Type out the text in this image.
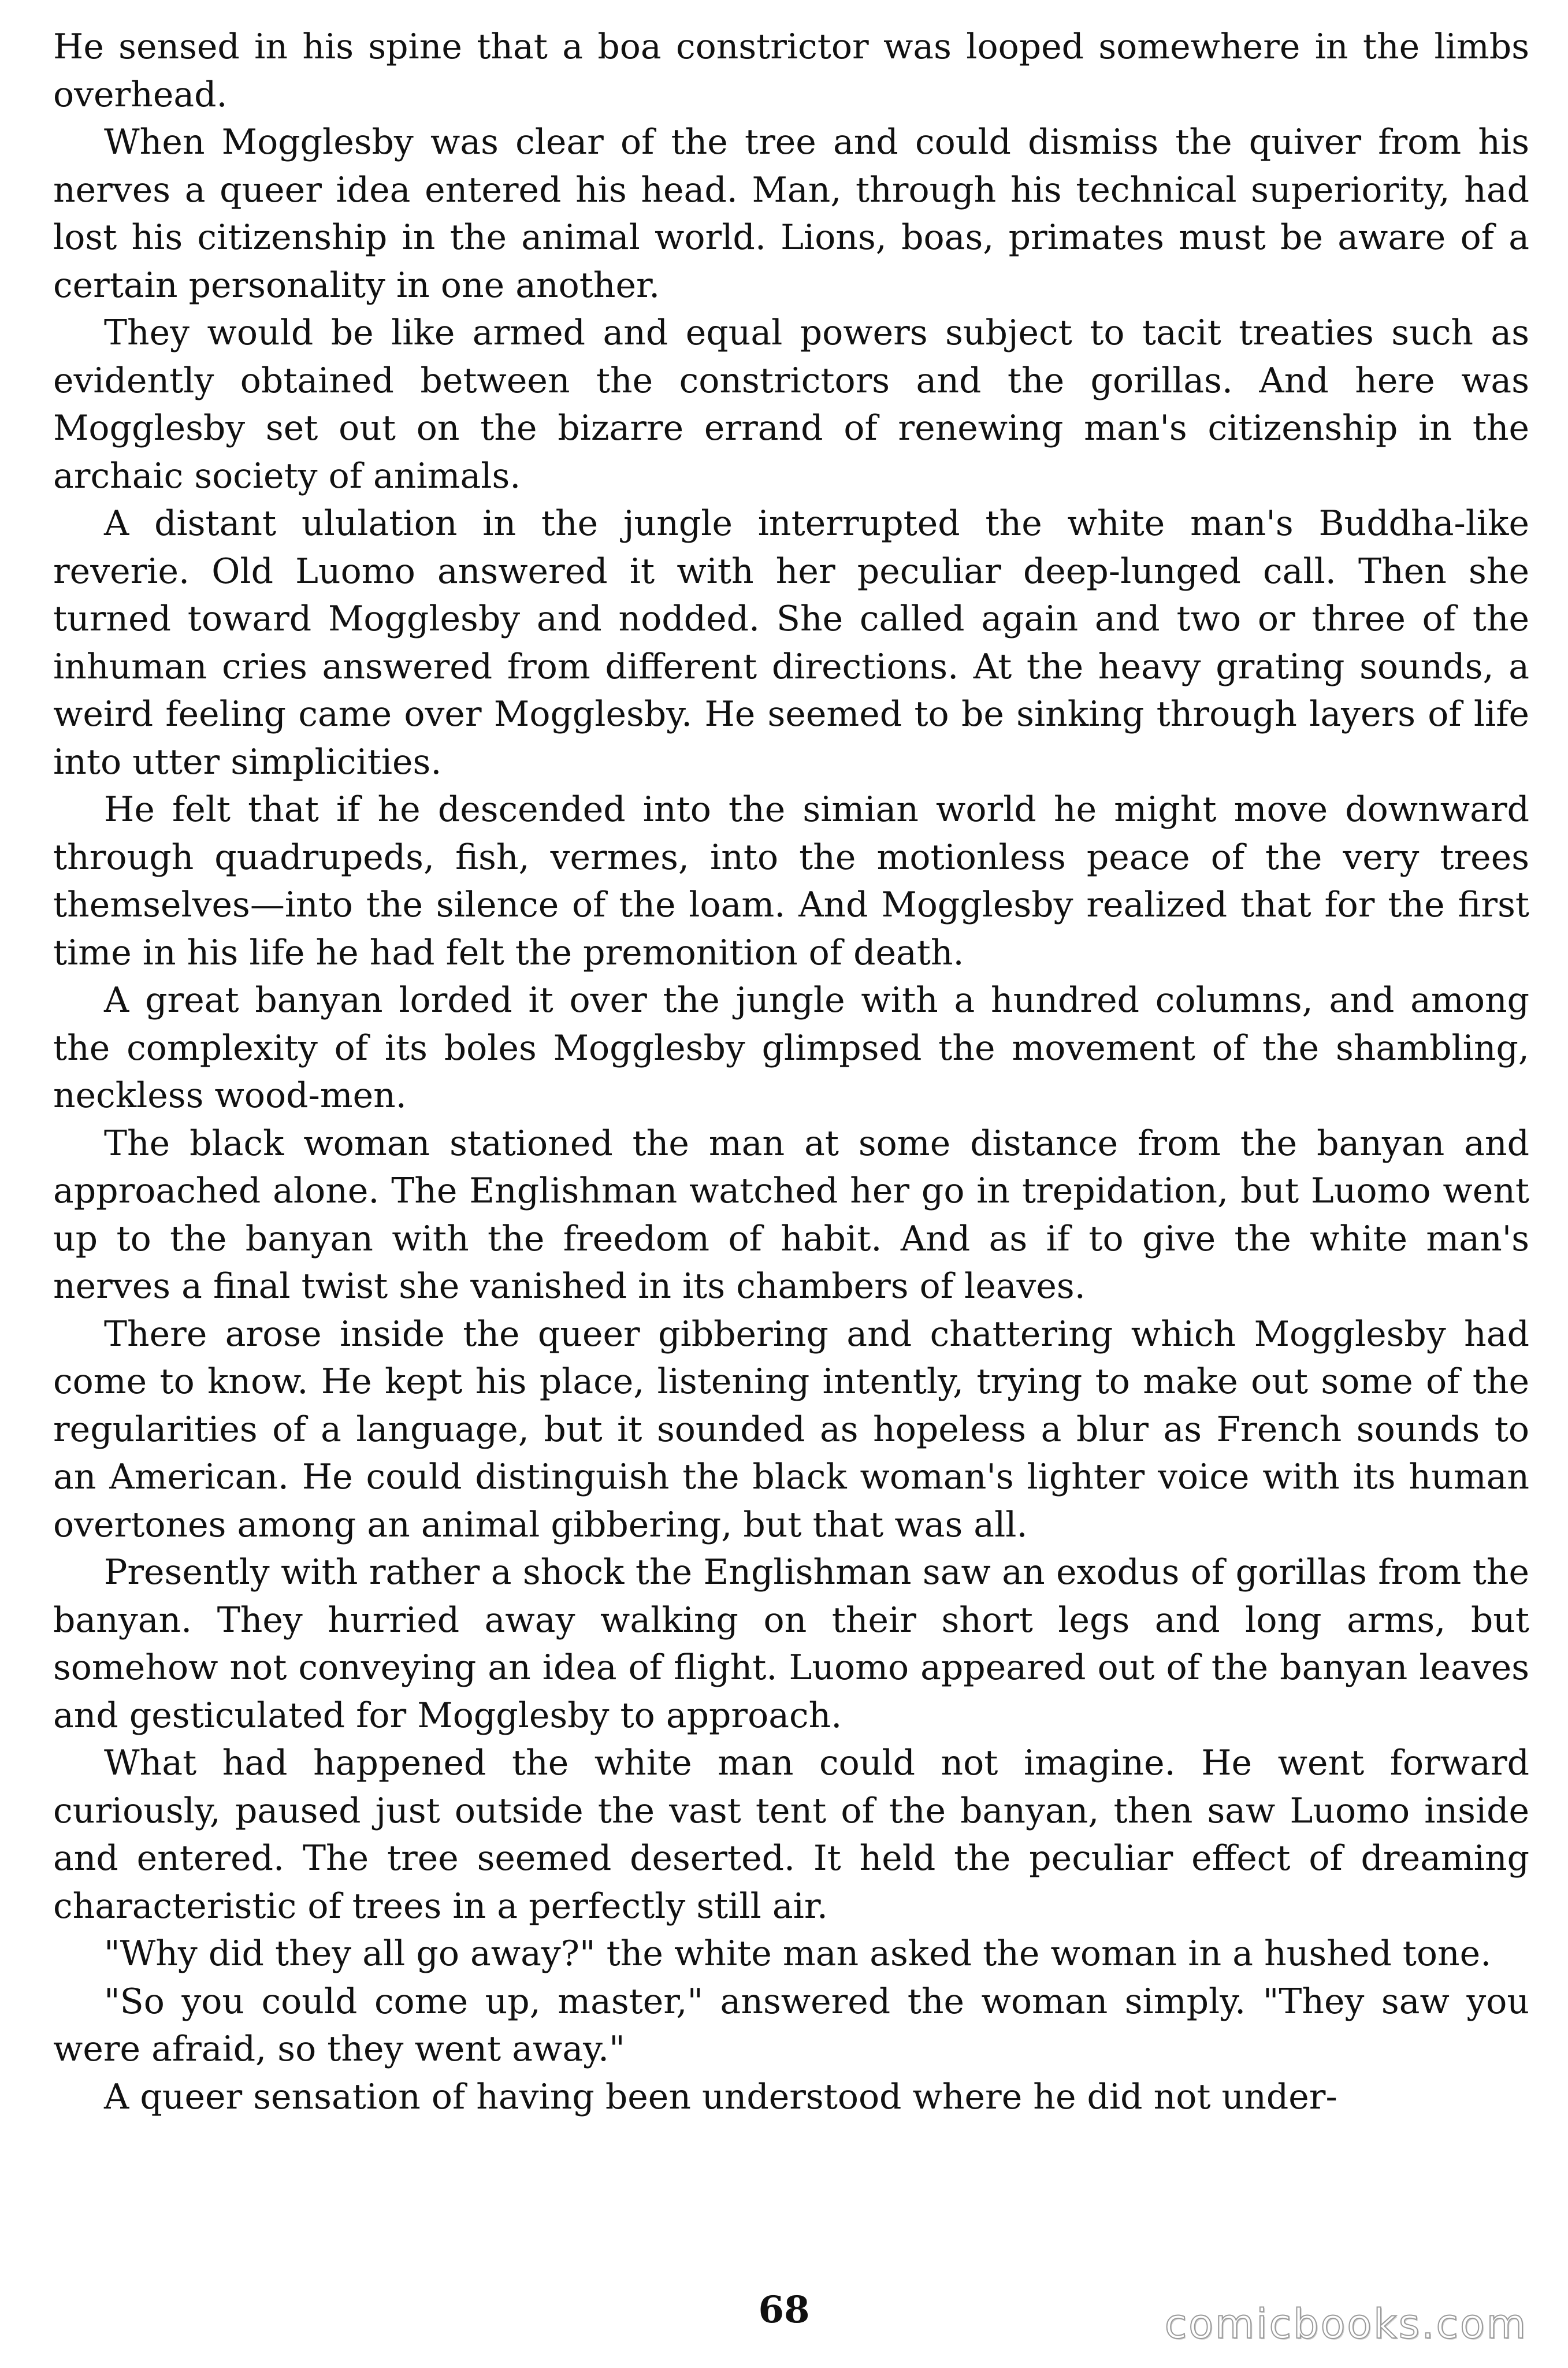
He sensed in his spine that a boa constrictor was looped somewhere in the limbs overhead.

When Mogglesby was clear of the tree and could dismiss the quiver from his nerves a queer idea entered his head. Man, through his technical superiority, had lost his citizenship in the animal world. Lions, boas, primates must be aware of a certain personality in one another.

They would be like armed and equal powers subject to tacit treaties such as evidently obtained between the constrictors and the gorillas. And here was Mogglesby set out on the bizarre errand of renewing man's citizenship in the archaic society of animals.

A distant ululation in the jungle interrupted the white man's Buddha-like reverie. Old Luomo answered it with her peculiar deep-lunged call. Then she turned toward Mogglesby and nodded. She called again and two or three of the inhuman cries answered from different directions. At the heavy grating sounds, a weird feeling came over Mogglesby. He seemed to be sinking through layers of life into utter simplicities.

He felt that if he descended into the simian world he might move downward through quadrupeds, fish, vermes, into the motionless peace of the very trees themselves—into the silence of the loam. And Mogglesby realized that for the first time in his life he had felt the premonition of death.

A great banyan lorded it over the jungle with a hundred columns, and among the complexity of its boles Mogglesby glimpsed the movement of the shambling, neckless wood-men.

The black woman stationed the man at some distance from the banyan and approached alone. The Englishman watched her go in trepidation, but Luomo went up to the banyan with the freedom of habit. And as if to give the white man's nerves a final twist she vanished in its chambers of leaves.

There arose inside the queer gibbering and chattering which Mogglesby had come to know. He kept his place, listening intently, trying to make out some of the regularities of a language, but it sounded as hopeless a blur as French sounds to an American. He could distinguish the black woman's lighter voice with its human overtones among an animal gibbering, but that was all.

Presently with rather a shock the Englishman saw an exodus of gorillas from the banyan. They hurried away walking on their short legs and long arms, but somehow not conveying an idea of flight. Luomo appeared out of the banyan leaves and gesticulated for Mogglesby to approach.

What had happened the white man could not imagine. He went forward curiously, paused just outside the vast tent of the banyan, then saw Luomo inside and entered. The tree seemed deserted. It held the peculiar effect of dreaming characteristic of trees in a perfectly still air.

"Why did they all go away?" the white man asked the woman in a hushed tone.

"So you could come up, master," answered the woman simply. "They saw you were afraid, so they went away."

A queer sensation of having been understood where he did not under-

68	comicbooks.com
